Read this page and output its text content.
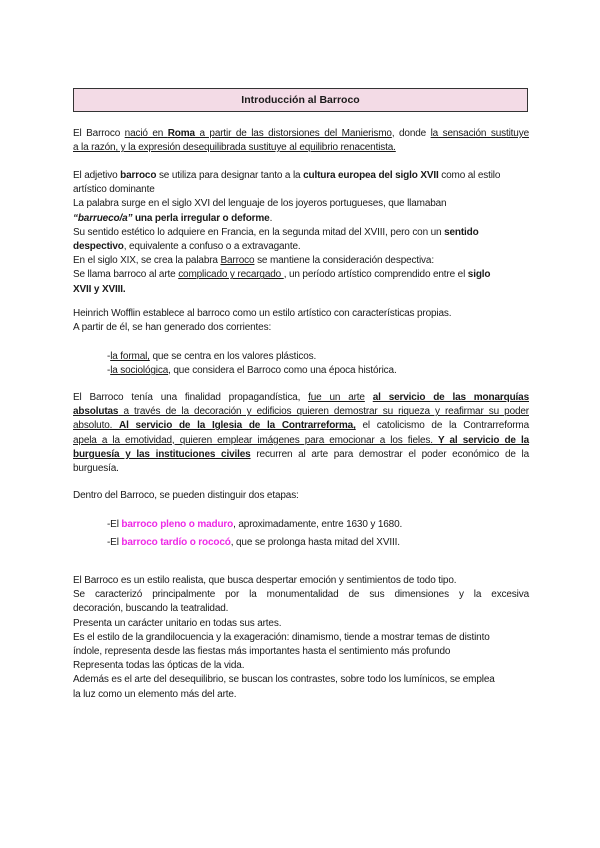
Introducción al Barroco
El Barroco nació en Roma a partir de las distorsiones del Manierismo, donde la sensación sustituye
a la razón, y la expresión desequilibrada sustituye al equilibrio renacentista.
El adjetivo barroco se utiliza para designar tanto a la cultura europea del siglo XVII como al estilo
artístico dominante
La palabra surge en el siglo XVI del lenguaje de los joyeros portugueses, que llamaban
“barrueco/a” una perla irregular o deforme.
Su sentido estético lo adquiere en Francia, en la segunda mitad del XVIII, pero con un sentido
despectivo, equivalente a confuso o a extravagante.
En el siglo XIX, se crea la palabra Barroco se mantiene la consideración despectiva:
Se llama barroco al arte complicado y recargado , un período artístico comprendido entre el siglo
XVII y XVIII.
Heinrich Wofflin establece al barroco como un estilo artístico con características propias.
A partir de él, se han generado dos corrientes:
-la formal, que se centra en los valores plásticos.
-la sociológica, que considera el Barroco como una época histórica.
El Barroco tenía una finalidad propagandística, fue un arte al servicio de las monarquías
absolutas a través de la decoración y edificios quieren demostrar su riqueza y reafirmar su poder
absoluto. Al servicio de la Iglesia de la Contrarreforma, el catolicismo de la Contrarreforma
apela a la emotividad, quieren emplear imágenes para emocionar a los fieles. Y al servicio de la
burguesía y las instituciones civiles recurren al arte para demostrar el poder económico de la
burguesía.
Dentro del Barroco, se pueden distinguir dos etapas:
-El barroco pleno o maduro, aproximadamente, entre 1630 y 1680.
-El barroco tardío o rococó, que se prolonga hasta mitad del XVIII.
El Barroco es un estilo realista, que busca despertar emoción y sentimientos de todo tipo.
Se caracterizó principalmente por la monumentalidad de sus dimensiones y la excesiva
decoración, buscando la teatralidad.
Presenta un carácter unitario en todas sus artes.
Es el estilo de la grandilocuencia y la exageración: dinamismo, tiende a mostrar temas de distinto
índole, representa desde las fiestas más importantes hasta el sentimiento más profundo
Representa todas las ópticas de la vida.
Además es el arte del desequilibrio, se buscan los contrastes, sobre todo los lumínicos, se emplea
la luz como un elemento más del arte.
